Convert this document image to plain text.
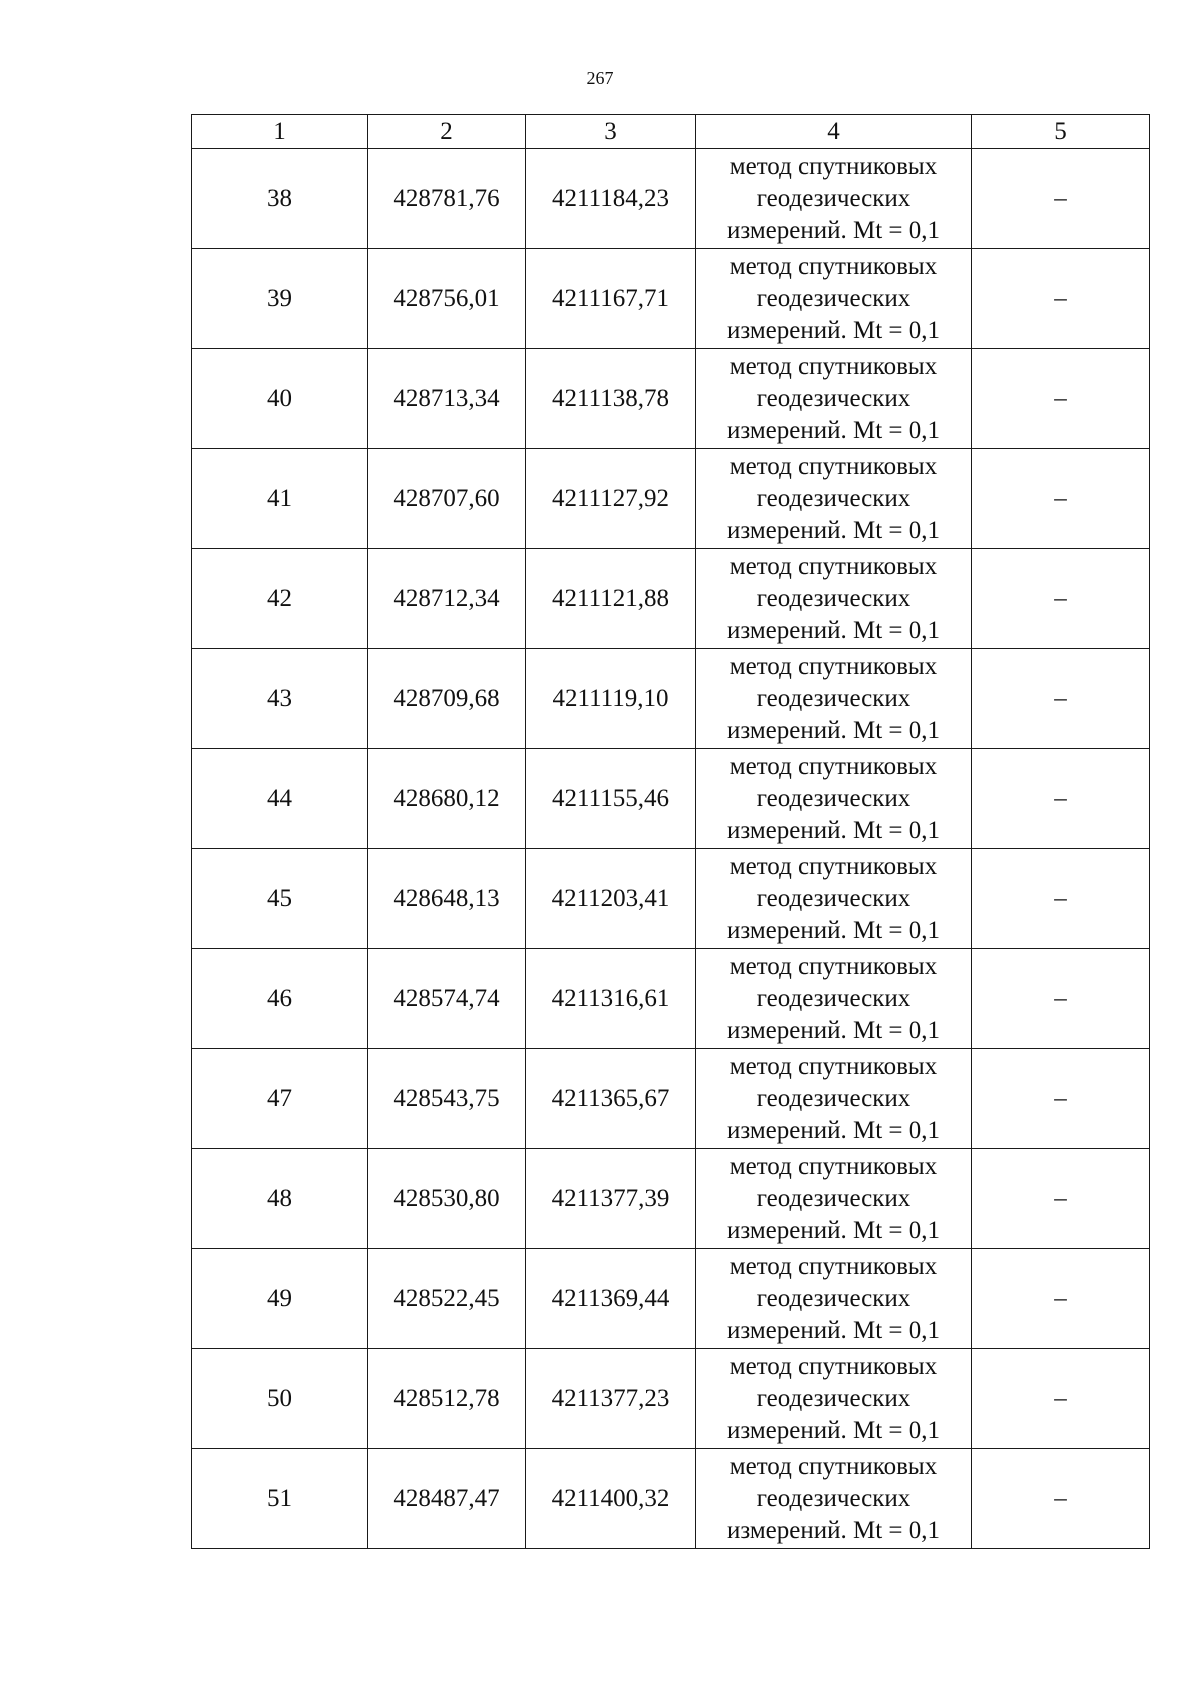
267
1	2	3	4	5
38	428781,76	4211184,23	метод спутниковых
геодезических
измерений. Mt = 0,1	–
39	428756,01	4211167,71	метод спутниковых
геодезических
измерений. Mt = 0,1	–
40	428713,34	4211138,78	метод спутниковых
геодезических
измерений. Mt = 0,1	–
41	428707,60	4211127,92	метод спутниковых
геодезических
измерений. Mt = 0,1	–
42	428712,34	4211121,88	метод спутниковых
геодезических
измерений. Mt = 0,1	–
43	428709,68	4211119,10	метод спутниковых
геодезических
измерений. Mt = 0,1	–
44	428680,12	4211155,46	метод спутниковых
геодезических
измерений. Mt = 0,1	–
45	428648,13	4211203,41	метод спутниковых
геодезических
измерений. Mt = 0,1	–
46	428574,74	4211316,61	метод спутниковых
геодезических
измерений. Mt = 0,1	–
47	428543,75	4211365,67	метод спутниковых
геодезических
измерений. Mt = 0,1	–
48	428530,80	4211377,39	метод спутниковых
геодезических
измерений. Mt = 0,1	–
49	428522,45	4211369,44	метод спутниковых
геодезических
измерений. Mt = 0,1	–
50	428512,78	4211377,23	метод спутниковых
геодезических
измерений. Mt = 0,1	–
51	428487,47	4211400,32	метод спутниковых
геодезических
измерений. Mt = 0,1	–
